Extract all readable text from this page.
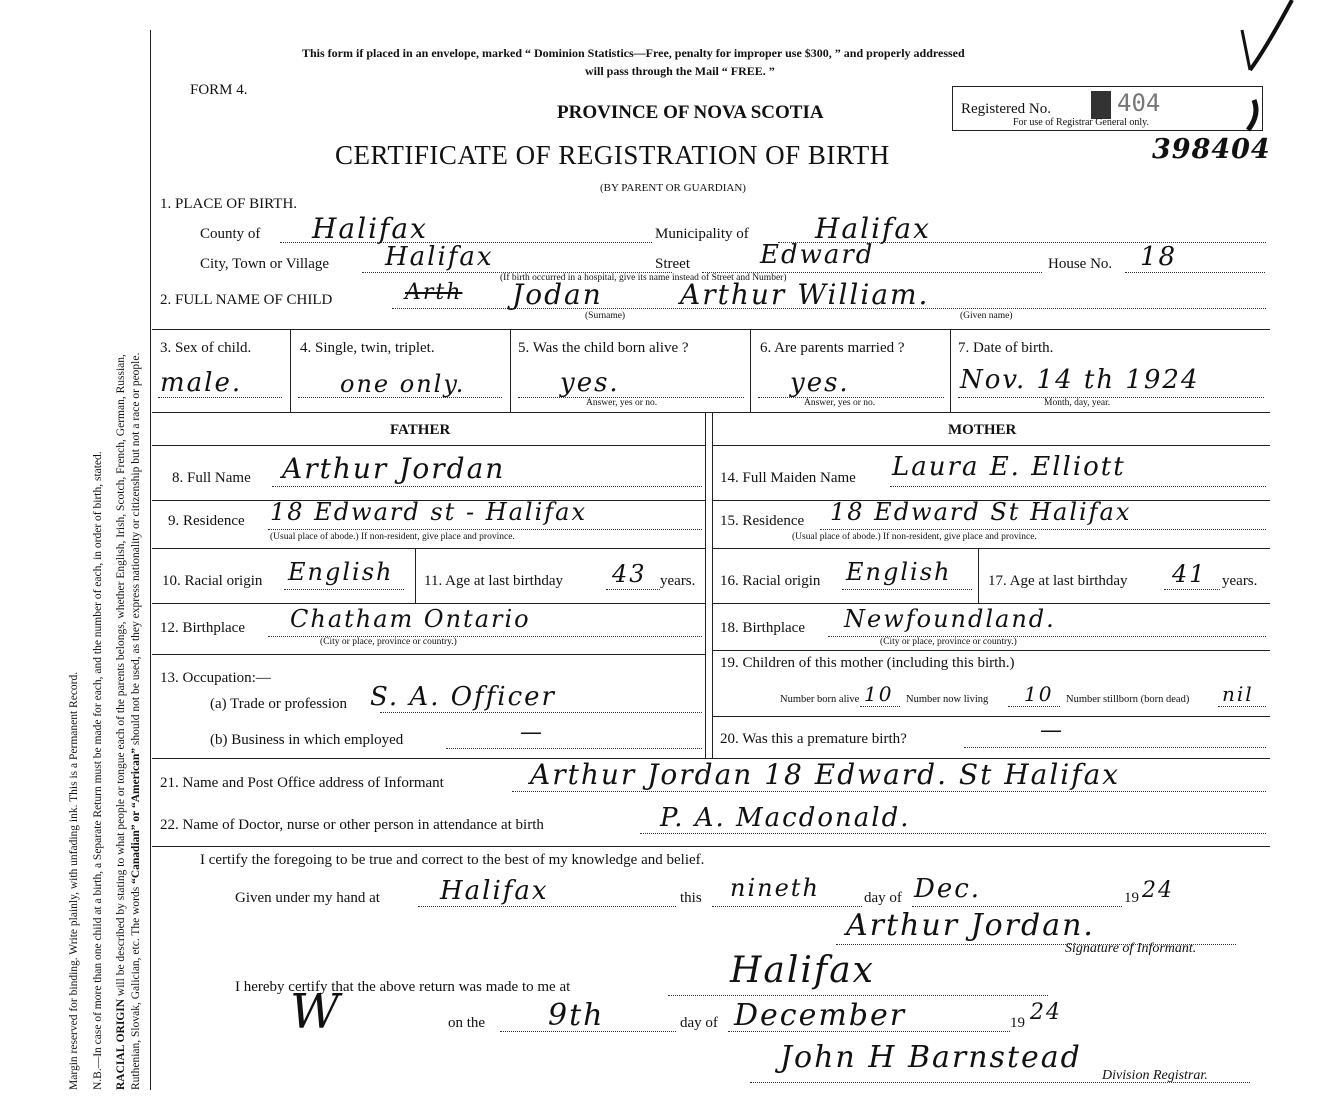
Margin reserved for binding. Write plainly, with unfading ink. This is a Permanent Record. N.B.—In case of more than one child at a birth, a Separate Return must be made for each, and the number of each, in order of birth, stated. RACIAL ORIGIN will be described by stating to what people or tongue each of the parents belongs, whether English, Irish, Scotch, French, German, Russian, Ruthenian, Slovak, Galician, etc. The words “Canadian” or “American” should not be used, as they express nationality or citizenship but not a race or people.
This form if placed in an envelope, marked “ Dominion Statistics—Free, penalty for improper use $300, ” and properly addressed
will pass through the Mail “ FREE. ”
FORM 4.
PROVINCE OF NOVA SCOTIA
CERTIFICATE OF REGISTRATION OF BIRTH
(BY PARENT OR GUARDIAN)
Registered No.	404
For use of Registrar General only.
398404
1. PLACE OF BIRTH.
County of Halifax	Municipality of Halifax
City, Town or Village Halifax
(If birth occurred in a hospital, give its name instead of Street and Number)
Street	Edward	House No. 18
2. FULL NAME OF CHILD	Arth Jodan	Arthur William.
(Surname)	(Given name)
3. Sex of child.
male.
4. Single, twin, triplet.
one only.
5. Was the child born alive ?
yes.
Answer, yes or no.
6. Are parents married ?
yes.
Answer, yes or no.
7. Date of birth.
Nov. 14 th 1924
Month, day, year.
FATHER	MOTHER
8. Full Name Arthur Jordan
9. Residence 18 Edward st - Halifax
(Usual place of abode.) If non-resident, give place and province.
10. Racial origin English 11. Age at last birthday 43 years.
12. Birthplace Chatham Ontario
(City or place, province or country.)
13. Occupation:—
(a) Trade or profession S. A. Officer
(b) Business in which employed	—
14. Full Maiden Name Laura E. Elliott
15. Residence 18 Edward St Halifax
(Usual place of abode.) If non-resident, give place and province.
16. Racial origin English 17. Age at last birthday 41 years.
18. Birthplace Newfoundland.
(City or place, province or country.)
19. Children of this mother (including this birth.)
Number born alive 10 Number now living 10 Number stillborn (born dead) nil
20. Was this a premature birth?	—
21. Name and Post Office address of Informant	Arthur Jordan 18 Edward. St Halifax
22. Name of Doctor, nurse or other person in attendance at birth	P. A. Macdonald.
I certify the foregoing to be true and correct to the best of my knowledge and belief.
Given under my hand at Halifax	this nineth	day of Dec.	19 24
Arthur Jordan.
Signature of Informant.
I hereby certify that the above return was made to me at	Halifax
W	on the 9th	day of December	19 24
John H Barnstead
Division Registrar.
